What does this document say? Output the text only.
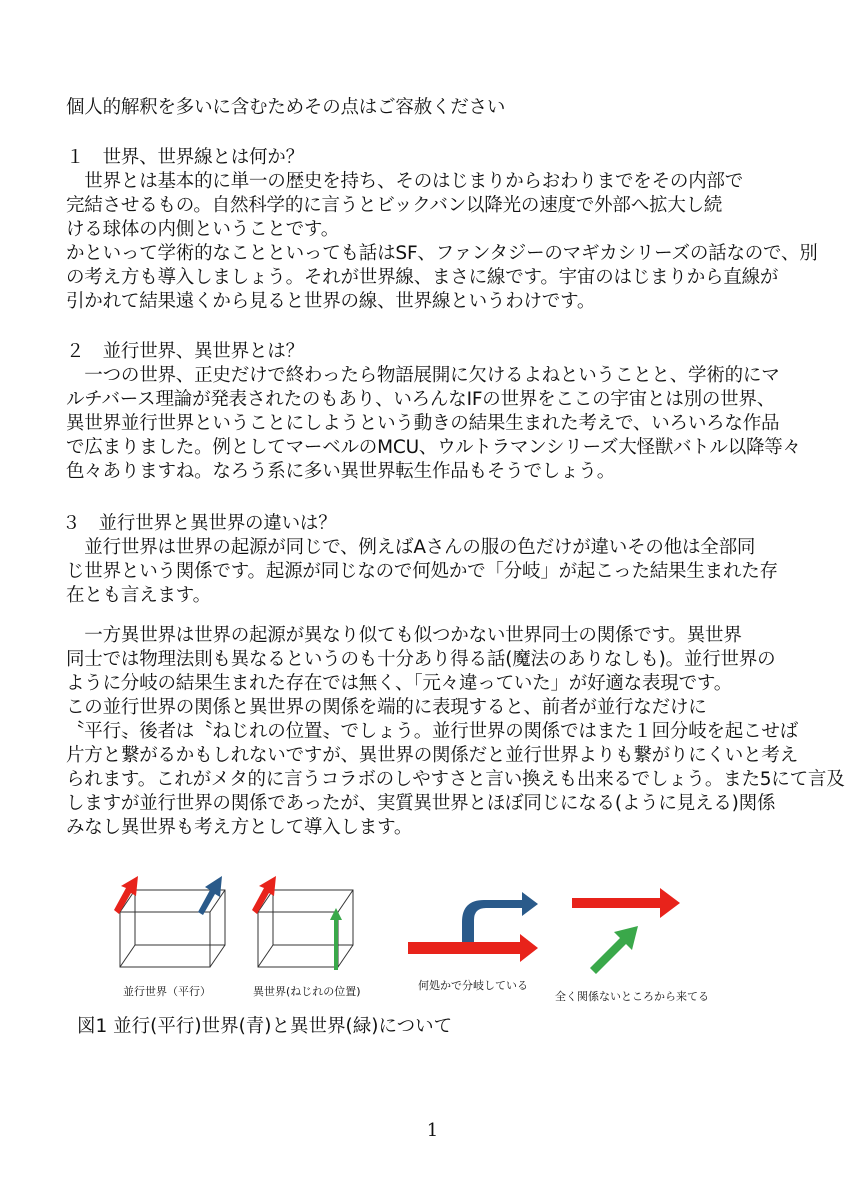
個人的解釈を多いに含むためその点はご容赦ください
１　世界、世界線とは何か？
　世界とは基本的に単一の歴史を持ち、そのはじまりからおわりまでをその内部で
完結させるもの。自然科学的に言うとビックバン以降光の速度で外部へ拡大し続
ける球体の内側ということです。
かといって学術的なことといっても話はSF、ファンタジーのマギカシリーズの話なので、別
の考え方も導入しましょう。それが世界線、まさに線です。宇宙のはじまりから直線が
引かれて結果遠くから見ると世界の線、世界線というわけです。
２　並行世界、異世界とは？
　一つの世界、正史だけで終わったら物語展開に欠けるよねということと、学術的にマ
ルチバース理論が発表されたのもあり、いろんなIFの世界をここの宇宙とは別の世界、
異世界並行世界ということにしようという動きの結果生まれた考えで、いろいろな作品
で広まりました。例としてマーベルのMCU、ウルトラマンシリーズ大怪獣バトル以降等々
色々ありますね。なろう系に多い異世界転生作品もそうでしょう。
３　並行世界と異世界の違いは？
　並行世界は世界の起源が同じで、例えばAさんの服の色だけが違いその他は全部同
じ世界という関係です。起源が同じなので何処かで「分岐」が起こった結果生まれた存
在とも言えます。
　一方異世界は世界の起源が異なり似ても似つかない世界同士の関係です。異世界
同士では物理法則も異なるというのも十分あり得る話(魔法のありなしも)。並行世界の
ように分岐の結果生まれた存在では無く、「元々違っていた」が好適な表現です。
この並行世界の関係と異世界の関係を端的に表現すると、前者が並行なだけに
〝平行〟後者は〝ねじれの位置〟でしょう。並行世界の関係ではまた１回分岐を起こせば
片方と繋がるかもしれないですが、異世界の関係だと並行世界よりも繋がりにくいと考え
られます。これがメタ的に言うコラボのしやすさと言い換えも出来るでしょう。また5にて言及
しますが並行世界の関係であったが、実質異世界とほぼ同じになる(ように見える)関係
みなし異世界も考え方として導入します。
並行世界（平行）	異世界(ねじれの位置)	何処かで分岐している
全く関係ないところから来てる
図1 並行(平行)世界(青)と異世界(緑)について
1
